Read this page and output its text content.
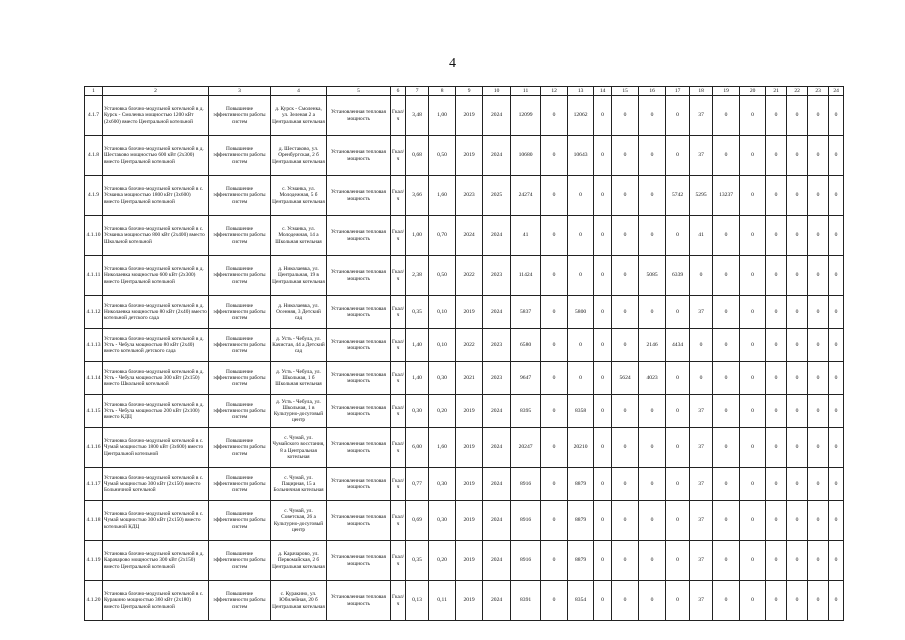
4
1	2	3	4	5	6	7	8	9	10	11	12	13	14	15	16	17	18	19	20	21	22	23	24
4.1.7	Установка блочно-модульной котельной в д. Курск - Смоленка мощностью 1200 кВт (2х600) вместо Центральной котельной	Повышение эффективности работы систем	д. Курск - Смоленка, ул. Зеленая 2 а Центральная котельная	Установленная тепловая мощность	Гкал/ч	3,48	1,00	2019	2024	12099	0	12062	0	0	0	0	37	0	0	0	0	0	0
4.1.8	Установка блочно-модульной котельной в д. Шестаково мощностью 600 кВт (2х300) вместо Центральной котельной	Повышение эффективности работы систем	д. Шестаково, ул. Оренбургская, 2 б Центральная котельная	Установленная тепловая мощность	Гкал/ч	0,68	0,50	2019	2024	10680	0	10643	0	0	0	0	37	0	0	0	0	0	0
4.1.9	Установка блочно-модульной котельной в с. Усманка мощностью 1800 кВт (3х600) вместо Центральной котельной	Повышение эффективности работы систем	с. Усманка, ул. Молодежная, 5 б Центральная котельная	Установленная тепловая мощность	Гкал/ч	3,66	1,60	2023	2025	24274	0	0	0	0	0	5742	5295	13237	0	0	0	0	0
4.1.10	Установка блочно-модульной котельной в с. Усманка мощностью 800 кВт (2х400) вместо Школьной котельной	Повышение эффективности работы систем	с. Усманка, ул. Молодежная, 14 а Школьная котельная	Установленная тепловая мощность	Гкал/ч	1,00	0,70	2024	2024	41	0	0	0	0	0	0	41	0	0	0	0	0	0
4.1.11	Установка блочно-модульной котельной в д. Николаевка мощностью 600 кВт (2х300) вместо Центральной котельной	Повышение эффективности работы систем	д. Николаевка, ул. Центральная, 19 в Центральная котельная	Установленная тепловая мощность	Гкал/ч	2,38	0,50	2022	2023	11424	0	0	0	0	5085	6339	0	0	0	0	0	0	0
4.1.12	Установка блочно-модульной котельной в д. Николаевка мощностью 80 кВт (2х40) вместо котельной детского сада	Повышение эффективности работы систем	д. Николаевка, ул. Осенняя, 3 Детский сад	Установленная тепловая мощность	Гкал/ч	0,35	0,10	2019	2024	5837	0	5800	0	0	0	0	37	0	0	0	0	0	0
4.1.13	Установка блочно-модульной котельной в д. Усть - Чебула мощностью 80 кВт (2х40) вместо котельной детского сада	Повышение эффективности работы систем	д. Усть - Чебула, ул. Качистая, 44 а Детский сад	Установленная тепловая мощность	Гкал/ч	1,40	0,10	2022	2023	6580	0	0	0	0	2146	4434	0	0	0	0	0	0	0
4.1.14	Установка блочно-модульной котельной в д. Усть - Чебула мощностью 300 кВт (2х150) вместо Школьной котельной	Повышение эффективности работы систем	д. Усть - Чебула, ул. Школьная, 1 б Школьная котельная	Установленная тепловая мощность	Гкал/ч	1,40	0,30	2021	2023	9647	0	0	0	5624	4023	0	0	0	0	0	0	0	0
4.1.15	Установка блочно-модульной котельной в д. Усть - Чебула мощностью 200 кВт (2х100) вместо КДЦ	Повышение эффективности работы систем	д. Усть - Чебула, ул. Школьная, 1 в Культурно-досуговый центр	Установленная тепловая мощность	Гкал/ч	0,30	0,20	2019	2024	8395	0	8358	0	0	0	0	37	0	0	0	0	0	0
4.1.16	Установка блочно-модульной котельной в с. Чумай мощностью 1800 кВт (3х600) вместо Центральной котельной	Повышение эффективности работы систем	с. Чумай, ул. Чумайского восстания, 8 а Центральная котельная	Установленная тепловая мощность	Гкал/ч	6,00	1,60	2019	2024	20247	0	20210	0	0	0	0	37	0	0	0	0	0	0
4.1.17	Установка блочно-модульной котельной в с. Чумай мощностью 300 кВт (2х150) вместо Больничной котельной	Повышение эффективности работы систем	с. Чумай, ул. Пацирная, 15 а Больничная котельная	Установленная тепловая мощность	Гкал/ч	0,77	0,30	2019	2024	8916	0	8879	0	0	0	0	37	0	0	0	0	0	0
4.1.18	Установка блочно-модульной котельной в с. Чумай мощностью 300 кВт (2х150) вместо котельной КДЦ	Повышение эффективности работы систем	с. Чумай, ул. Советская, 26 а Культурно-досуговый центр	Установленная тепловая мощность	Гкал/ч	0,69	0,30	2019	2024	8916	0	8879	0	0	0	0	37	0	0	0	0	0	0
4.1.19	Установка блочно-модульной котельной в д. Карачарово мощностью 300 кВт (2х150) вместо Центральной котельной	Повышение эффективности работы систем	д. Карачарово, ул. Первомайская, 2 б Центральная котельная	Установленная тепловая мощность	Гкал/ч	0,35	0,20	2019	2024	8916	0	8879	0	0	0	0	37	0	0	0	0	0	0
4.1.20	Установка блочно-модульной котельной в с. Куракино мощностью 360 кВт (2х180) вместо Центральной котельной	Повышение эффективности работы систем	с. Куракино, ул. Юбилейная, 20 б Центральная котельная	Установленная тепловая мощность	Гкал/ч	0,13	0,11	2019	2024	8391	0	8354	0	0	0	0	37	0	0	0	0	0	0
